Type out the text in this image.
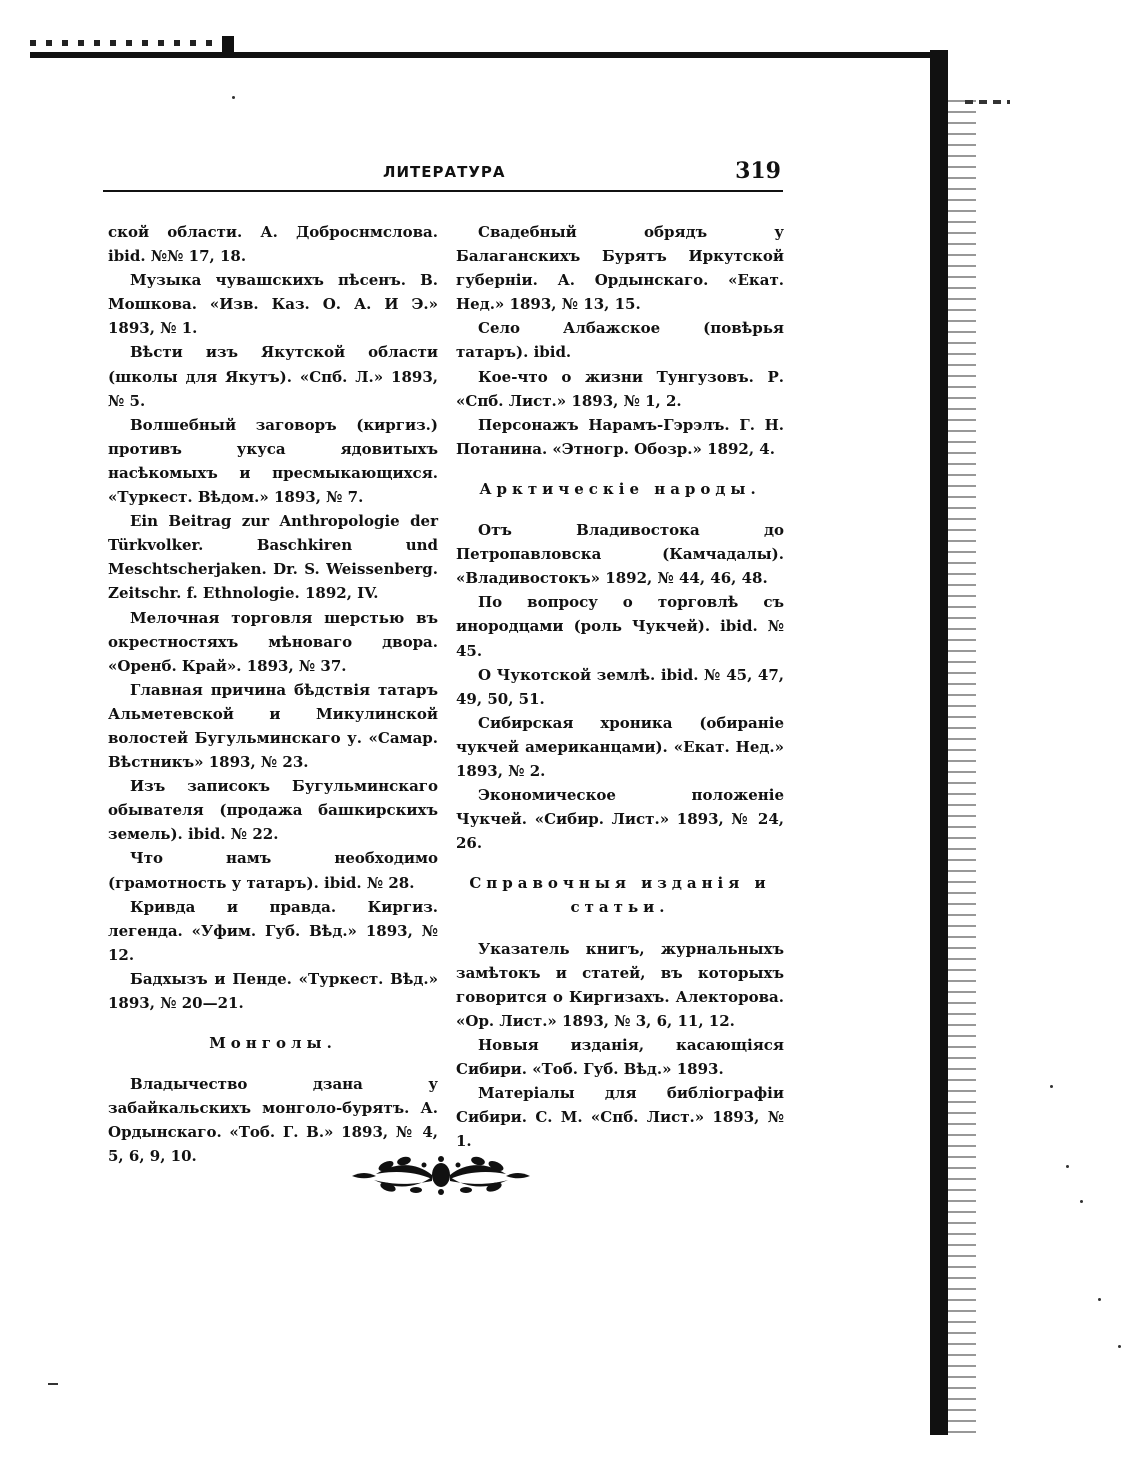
ЛИТЕРАТУРА	319

ской области. А. Доброснмслова. ibid. №№ 17, 18.

Музыка чувашскихъ пѣсенъ. В. Мошкова. «Изв. Каз. О. А. И Э.» 1893, № 1.

Вѣсти изъ Якутской области (школы для Якутъ). «Спб. Л.» 1893, № 5.

Волшебный заговоръ (киргиз.) противъ укуса ядовитыхъ насѣкомыхъ и пресмыкающихся. «Туркест. Вѣдом.» 1893, № 7.

Ein Beitrag zur Anthropologie der Türkvolker. Baschkiren und Meschtscherjaken. Dr. S. Weissenberg. Zeitschr. f. Ethnologie. 1892, IV.

Мелочная торговля шерстью въ окрестностяхъ мѣноваго двора. «Оренб. Край». 1893, № 37.

Главная причина бѣдствія татаръ Альметевской и Микулинской волостей Бугульминскаго у. «Самар. Вѣстникъ» 1893, № 23.

Изъ записокъ Бугульминскаго обывателя (продажа башкирскихъ земель). ibid. № 22.

Что намъ необходимо (грамотность у татаръ). ibid. № 28.

Кривда и правда. Киргиз. легенда. «Уфим. Губ. Вѣд.» 1893, № 12.

Бадхызъ и Пенде. «Туркест. Вѣд.» 1893, № 20—21.

Монголы.

Владычество дзана у забайкальскихъ монголо-бурятъ. А. Ордынскаго. «Тоб. Г. В.» 1893, № 4, 5, 6, 9, 10.

Свадебный обрядъ у Балаганскихъ Бурятъ Иркутской губерніи. А. Ордынскаго. «Екат. Нед.» 1893, № 13, 15.

Село Албажское (повѣрья татаръ). ibid.

Кое-что о жизни Тунгузовъ. Р. «Спб. Лист.» 1893, № 1, 2.

Персонажъ Нарамъ-Гэрэлъ. Г. Н. Потанина. «Этногр. Обозр.» 1892, 4.

Арктическіе народы.

Отъ Владивостока до Петропавловска (Камчадалы). «Владивостокъ» 1892, № 44, 46, 48.

По вопросу о торговлѣ съ инородцами (роль Чукчей). ibid. № 45.

О Чукотской землѣ. ibid. № 45, 47, 49, 50, 51.

Сибирская хроника (обираніе чукчей американцами). «Екат. Нед.» 1893, № 2.

Экономическое положеніе Чукчей. «Сибир. Лист.» 1893, № 24, 26.

Справочныя изданія и статьи.

Указатель книгъ, журнальныхъ замѣтокъ и статей, въ которыхъ говорится о Киргизахъ. Алекторова. «Ор. Лист.» 1893, № 3, 6, 11, 12.

Новыя изданія, касающіяся Сибири. «Тоб. Губ. Вѣд.» 1893.

Матеріалы для библіографіи Сибири. С. М. «Спб. Лист.» 1893, № 1.
